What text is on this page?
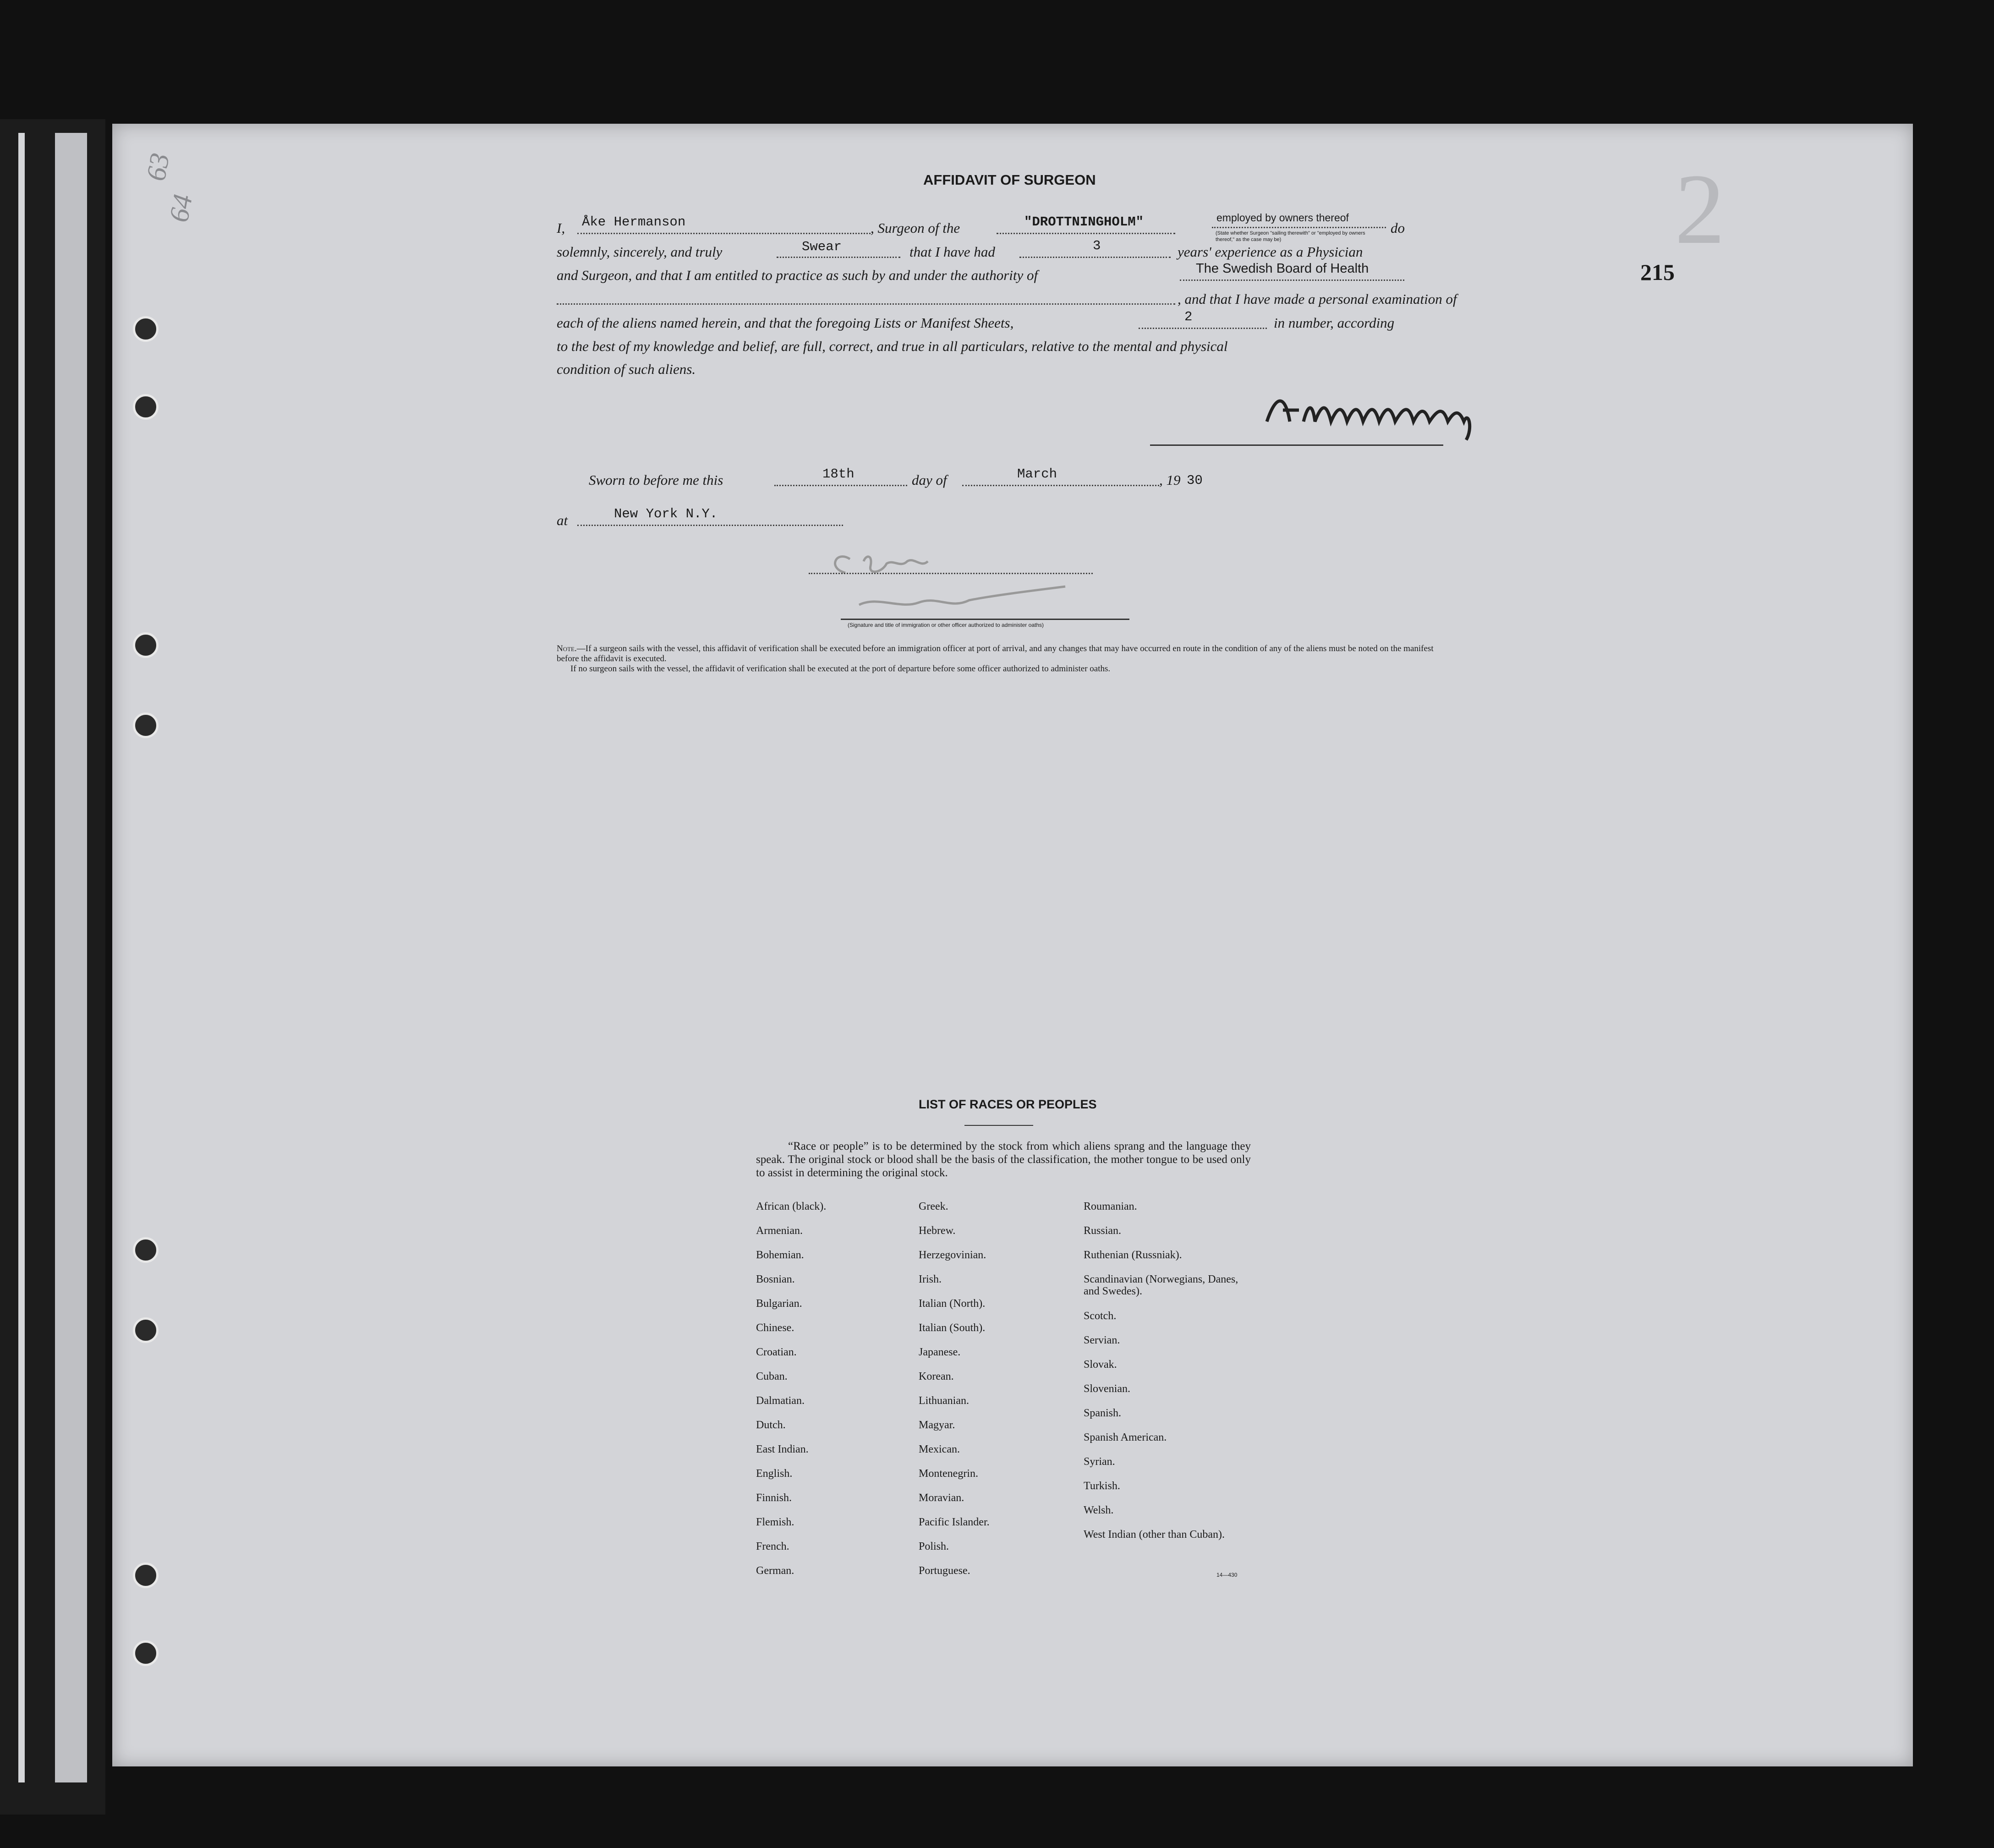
2
63
64
215
AFFIDAVIT OF SURGEON
I, Åke Hermanson	, Surgeon of the	"DROTTNINGHOLM"	employed by owners thereof
(State whether Surgeon "sailing therewith" or "employed by owners thereof," as the case may be)
do
solemnly, sincerely, and truly	Swear	that I have had	3	years' experience as a Physician
and Surgeon, and that I am entitled to practice as such by and under the authority of	The Swedish Board of Health
, and that I have made a personal examination of
each of the aliens named herein, and that the foregoing Lists or Manifest Sheets,	2	in number, according
to the best of my knowledge and belief, are full, correct, and true in all particulars, relative to the mental and physical
condition of such aliens.
Sworn to before me this	18th	day of	March	, 19 30
at	New York N.Y.
(Signature and title of immigration or other officer authorized to administer oaths)
Note.—If a surgeon sails with the vessel, this affidavit of verification shall be executed before an immigration officer at port of arrival, and any changes that may have occurred en route in the condition of any of the aliens must be noted on the manifest before the affidavit is executed.
If no surgeon sails with the vessel, the affidavit of verification shall be executed at the port of departure before some officer authorized to administer oaths.
LIST OF RACES OR PEOPLES
“Race or people” is to be determined by the stock from which aliens sprang and the language they speak. The original stock or blood shall be the basis of the classification, the mother tongue to be used only to assist in determining the original stock.
African (black).
Armenian.
Bohemian.
Bosnian.
Bulgarian.
Chinese.
Croatian.
Cuban.
Dalmatian.
Dutch.
East Indian.
English.
Finnish.
Flemish.
French.
German.
Greek.
Hebrew.
Herzegovinian.
Irish.
Italian (North).
Italian (South).
Japanese.
Korean.
Lithuanian.
Magyar.
Mexican.
Montenegrin.
Moravian.
Pacific Islander.
Polish.
Portuguese.
Roumanian.
Russian.
Ruthenian (Russniak).
Scandinavian (Norwegians, Danes, and Swedes).
Scotch.
Servian.
Slovak.
Slovenian.
Spanish.
Spanish American.
Syrian.
Turkish.
Welsh.
West Indian (other than Cuban).
14—430
